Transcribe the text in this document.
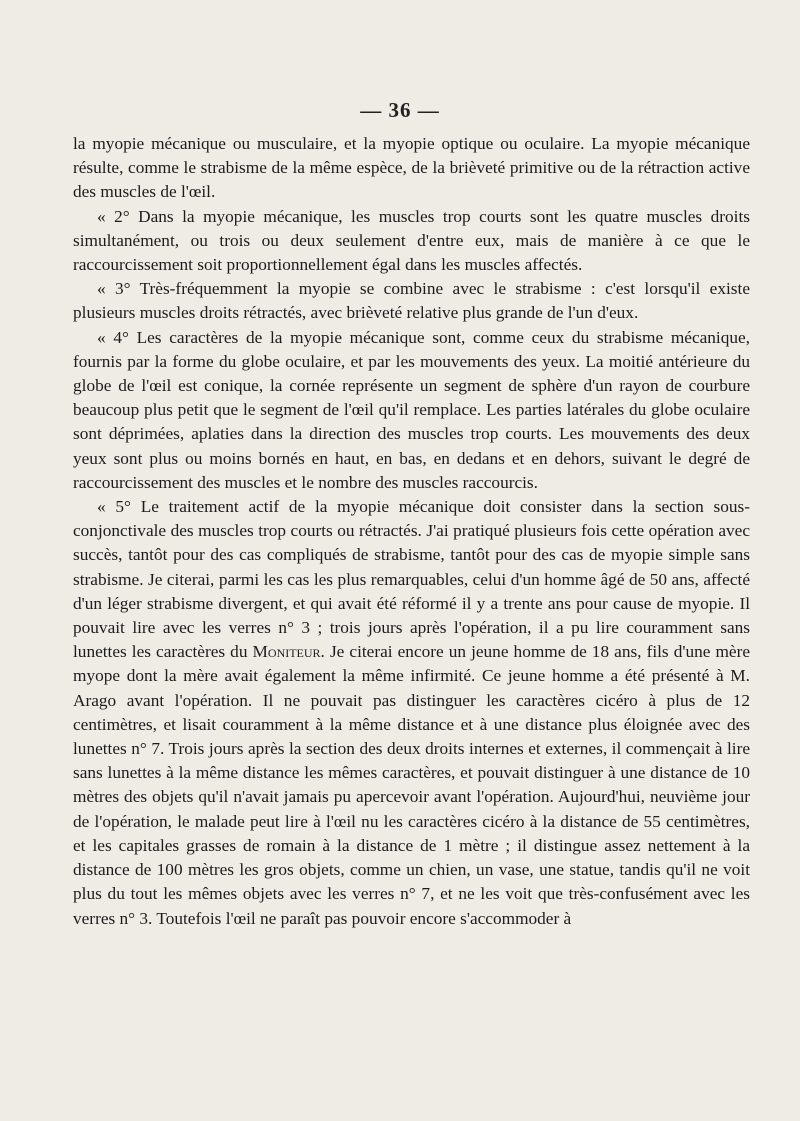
— 36 —

la myopie mécanique ou musculaire, et la myopie optique ou oculaire. La myopie mécanique résulte, comme le strabisme de la même espèce, de la brièveté primitive ou de la rétraction active des muscles de l'œil.

« 2° Dans la myopie mécanique, les muscles trop courts sont les quatre muscles droits simultanément, ou trois ou deux seulement d'entre eux, mais de manière à ce que le raccourcissement soit proportionnellement égal dans les muscles affectés.

« 3° Très-fréquemment la myopie se combine avec le strabisme : c'est lorsqu'il existe plusieurs muscles droits rétractés, avec brièveté relative plus grande de l'un d'eux.

« 4° Les caractères de la myopie mécanique sont, comme ceux du strabisme mécanique, fournis par la forme du globe oculaire, et par les mouvements des yeux. La moitié antérieure du globe de l'œil est conique, la cornée représente un segment de sphère d'un rayon de courbure beaucoup plus petit que le segment de l'œil qu'il remplace. Les parties latérales du globe oculaire sont déprimées, aplaties dans la direction des muscles trop courts. Les mouvements des deux yeux sont plus ou moins bornés en haut, en bas, en dedans et en dehors, suivant le degré de raccourcissement des muscles et le nombre des muscles raccourcis.

« 5° Le traitement actif de la myopie mécanique doit consister dans la section sous-conjonctivale des muscles trop courts ou rétractés. J'ai pratiqué plusieurs fois cette opération avec succès, tantôt pour des cas compliqués de strabisme, tantôt pour des cas de myopie simple sans strabisme. Je citerai, parmi les cas les plus remarquables, celui d'un homme âgé de 50 ans, affecté d'un léger strabisme divergent, et qui avait été réformé il y a trente ans pour cause de myopie. Il pouvait lire avec les verres n° 3 ; trois jours après l'opération, il a pu lire couramment sans lunettes les caractères du Moniteur. Je citerai encore un jeune homme de 18 ans, fils d'une mère myope dont la mère avait également la même infirmité. Ce jeune homme a été présenté à M. Arago avant l'opération. Il ne pouvait pas distinguer les caractères cicéro à plus de 12 centimètres, et lisait couramment à la même distance et à une distance plus éloignée avec des lunettes n° 7. Trois jours après la section des deux droits internes et externes, il commençait à lire sans lunettes à la même distance les mêmes caractères, et pouvait distinguer à une distance de 10 mètres des objets qu'il n'avait jamais pu apercevoir avant l'opération. Aujourd'hui, neuvième jour de l'opération, le malade peut lire à l'œil nu les caractères cicéro à la distance de 55 centimètres, et les capitales grasses de romain à la distance de 1 mètre ; il distingue assez nettement à la distance de 100 mètres les gros objets, comme un chien, un vase, une statue, tandis qu'il ne voit plus du tout les mêmes objets avec les verres n° 7, et ne les voit que très-confusément avec les verres n° 3. Toutefois l'œil ne paraît pas pouvoir encore s'accommoder à
